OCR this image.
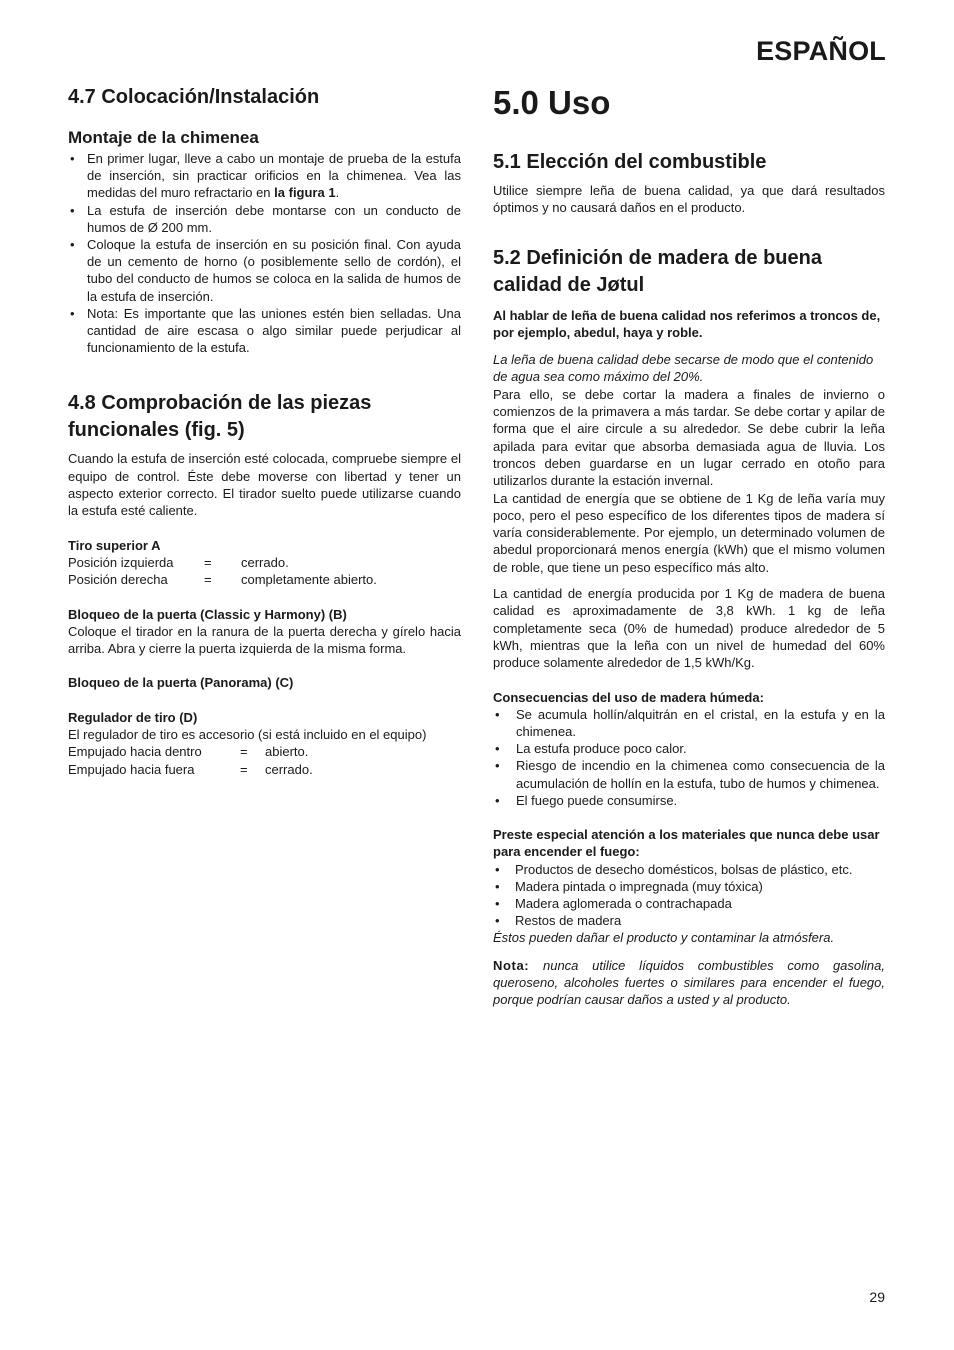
ESPAÑOL
4.7 Colocación/Instalación
Montaje de la chimenea
• En primer lugar, lleve a cabo un montaje de prueba de la estufa de inserción, sin practicar orificios en la chimenea. Vea las medidas del muro refractario en la figura 1.
• La estufa de inserción debe montarse con un conducto de humos de Ø 200 mm.
• Coloque la estufa de inserción en su posición final. Con ayuda de un cemento de horno (o posiblemente sello de cordón), el tubo del conducto de humos se coloca en la salida de humos de la estufa de inserción.
• Nota: Es importante que las uniones estén bien selladas. Una cantidad de aire escasa o algo similar puede perjudicar al funcionamiento de la estufa.
4.8 Comprobación de las piezas funcionales (fig. 5)

Cuando la estufa de inserción esté colocada, compruebe siempre el equipo de control. Éste debe moverse con libertad y tener un aspecto exterior correcto. El tirador suelto puede utilizarse cuando la estufa esté caliente.

Tiro superior A

Posición izquierda	=	cerrado.
Posición derecha	=	completamente abierto.

Bloqueo de la puerta (Classic y Harmony) (B)

Coloque el tirador en la ranura de la puerta derecha y gírelo hacia arriba. Abra y cierre la puerta izquierda de la misma forma.

Bloqueo de la puerta (Panorama) (C)

Regulador de tiro (D)

El regulador de tiro es accesorio (si está incluido en el equipo)

Empujado hacia dentro	=	abierto.
Empujado hacia fuera	=	cerrado.
5.0 Uso
5.1 Elección del combustible

Utilice siempre leña de buena calidad, ya que dará resultados óptimos y no causará daños en el producto.

5.2 Definición de madera de buena calidad de Jøtul

Al hablar de leña de buena calidad nos referimos a troncos de, por ejemplo, abedul, haya y roble.

La leña de buena calidad debe secarse de modo que el contenido de agua sea como máximo del 20%.

Para ello, se debe cortar la madera a finales de invierno o comienzos de la primavera a más tardar. Se debe cortar y apilar de forma que el aire circule a su alrededor. Se debe cubrir la leña apilada para evitar que absorba demasiada agua de lluvia. Los troncos deben guardarse en un lugar cerrado en otoño para utilizarlos durante la estación invernal.

La cantidad de energía que se obtiene de 1 Kg de leña varía muy poco, pero el peso específico de los diferentes tipos de madera sí varía considerablemente. Por ejemplo, un determinado volumen de abedul proporcionará menos energía (kWh) que el mismo volumen de roble, que tiene un peso específico más alto.

La cantidad de energía producida por 1 Kg de madera de buena calidad es aproximadamente de 3,8 kWh. 1 kg de leña completamente seca (0% de humedad) produce alrededor de 5 kWh, mientras que la leña con un nivel de humedad del 60% produce solamente alrededor de 1,5 kWh/Kg.

Consecuencias del uso de madera húmeda:

• Se acumula hollín/alquitrán en el cristal, en la estufa y en la chimenea.
• La estufa produce poco calor.
• Riesgo de incendio en la chimenea como consecuencia de la acumulación de hollín en la estufa, tubo de humos y chimenea.
• El fuego puede consumirse.

Preste especial atención a los materiales que nunca debe usar para encender el fuego:

• Productos de desecho domésticos, bolsas de plástico, etc.
• Madera pintada o impregnada (muy tóxica)
• Madera aglomerada o contrachapada
• Restos de madera

Éstos pueden dañar el producto y contaminar la atmósfera.

Nota: nunca utilice líquidos combustibles como gasolina, queroseno, alcoholes fuertes o similares para encender el fuego, porque podrían causar daños a usted y al producto.

29
